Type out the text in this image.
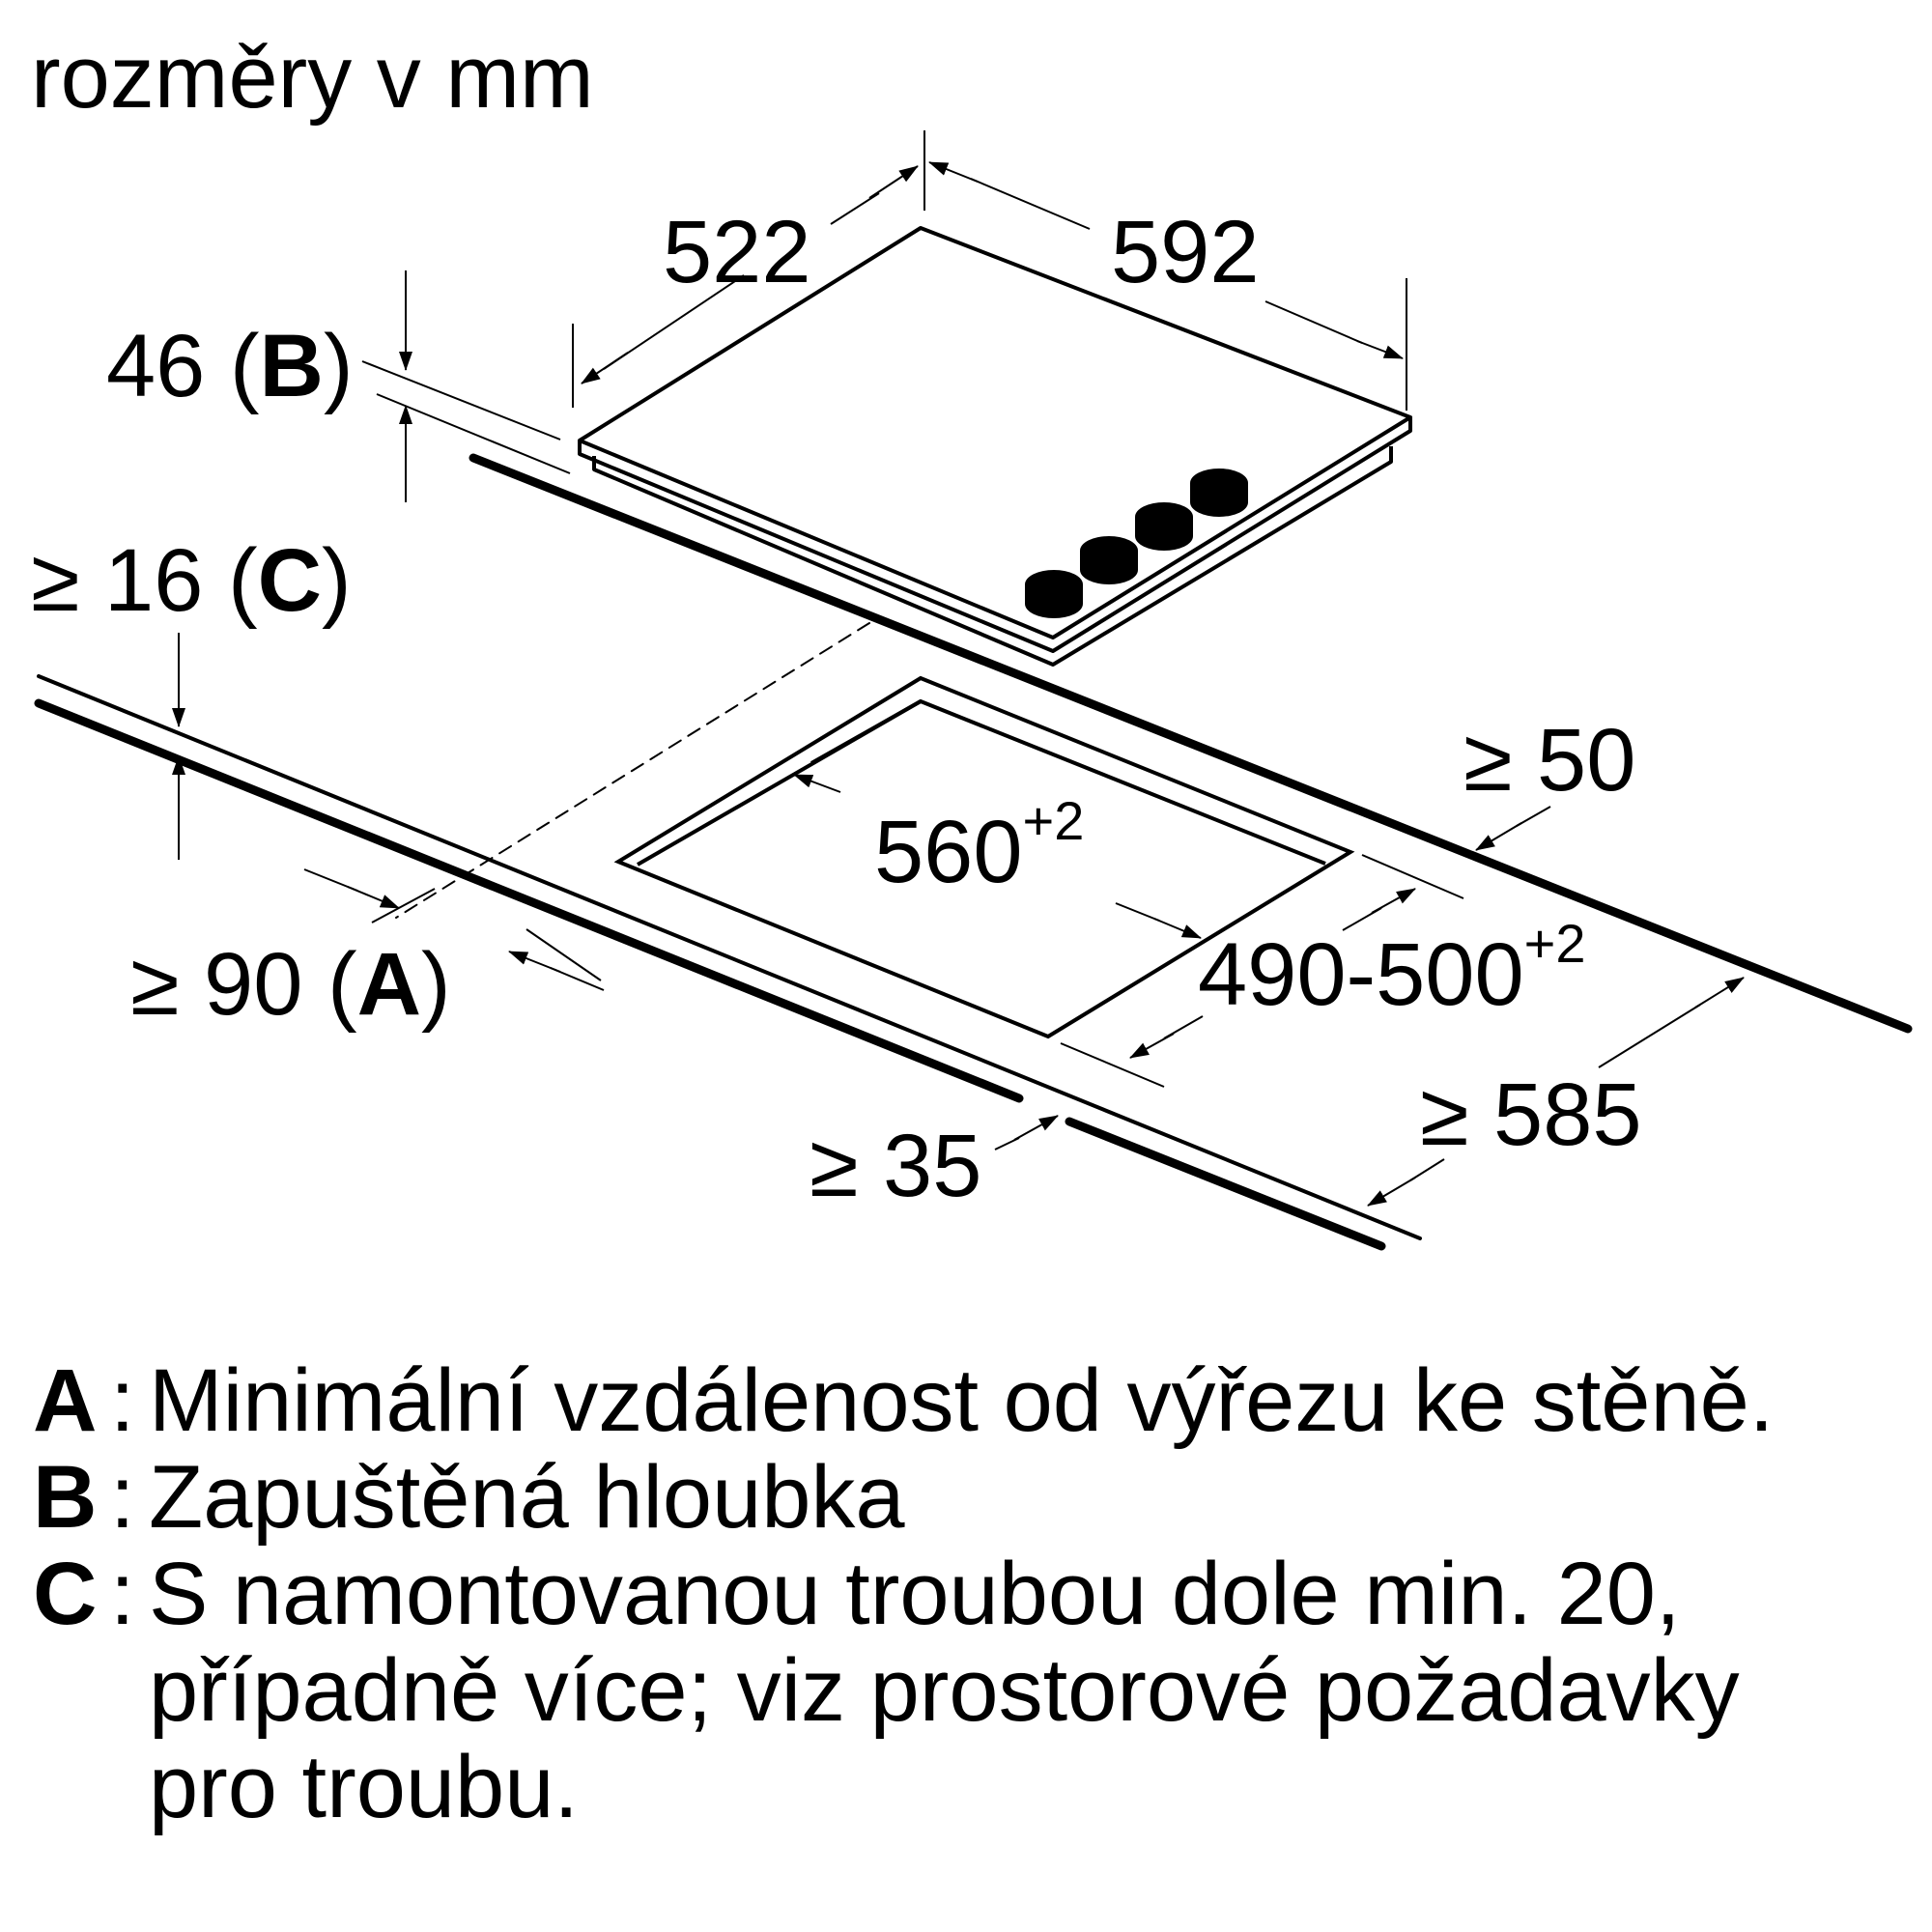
rozměry v mm
522	592
46 (B)
≥ 16 (C)
≥ 50
$560^{+2}$
$490-500^{+2}$
≥ 90 (A)
≥ 35
≥ 585
A : Minimální vzdálenost od výřezu ke stěně.
B : Zapuštěná hloubka
C : S namontovanou troubou dole min. 20,
případně více; viz prostorové požadavky
pro troubu.
